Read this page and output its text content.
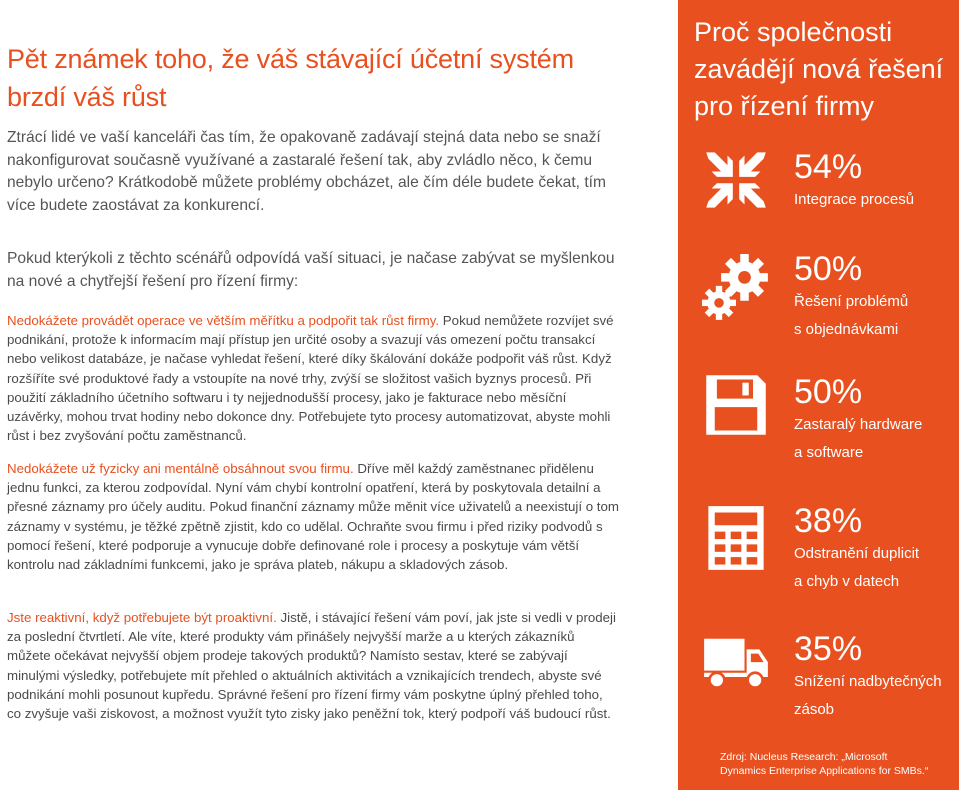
Pět známek toho, že váš stávající účetní systém brzdí váš růst

Ztrácí lidé ve vaší kanceláři čas tím, že opakovaně zadávají stejná data nebo se snaží nakonfigurovat současně využívané a zastaralé řešení tak, aby zvládlo něco, k čemu nebylo určeno? Krátkodobě můžete problémy obcházet, ale čím déle budete čekat, tím více budete zaostávat za konkurencí.

Pokud kterýkoli z těchto scénářů odpovídá vaší situaci, je načase zabývat se myšlenkou na nové a chytřejší řešení pro řízení firmy:

Nedokážete provádět operace ve větším měřítku a podpořit tak růst firmy. Pokud nemůžete rozvíjet své podnikání, protože k informacím mají přístup jen určité osoby a svazují vás omezení počtu transakcí nebo velikost databáze, je načase vyhledat řešení, které díky škálování dokáže podpořit váš růst. Když rozšíříte své produktové řady a vstoupíte na nové trhy, zvýší se složitost vašich byznys procesů. Při použití základního účetního softwaru i ty nejjednodušší procesy, jako je fakturace nebo měsíční uzávěrky, mohou trvat hodiny nebo dokonce dny. Potřebujete tyto procesy automatizovat, abyste mohli růst i bez zvyšování počtu zaměstnanců.

Nedokážete už fyzicky ani mentálně obsáhnout svou firmu. Dříve měl každý zaměstnanec přidělenu jednu funkci, za kterou zodpovídal. Nyní vám chybí kontrolní opatření, která by poskytovala detailní a přesné záznamy pro účely auditu. Pokud finanční záznamy může měnit více uživatelů a neexistují o tom záznamy v systému, je těžké zpětně zjistit, kdo co udělal. Ochraňte svou firmu i před riziky podvodů s pomocí řešení, které podporuje a vynucuje dobře definované role i procesy a poskytuje vám větší kontrolu nad základními funkcemi, jako je správa plateb, nákupu a skladových zásob.

Jste reaktivní, když potřebujete být proaktivní. Jistě, i stávající řešení vám poví, jak jste si vedli v prodeji za poslední čtvrtletí. Ale víte, které produkty vám přinášely nejvyšší marže a u kterých zákazníků můžete očekávat nejvyšší objem prodeje takových produktů? Namísto sestav, které se zabývají minulými výsledky, potřebujete mít přehled o aktuálních aktivitách a vznikajících trendech, abyste své podnikání mohli posunout kupředu. Správné řešení pro řízení firmy vám poskytne úplný přehled toho, co zvyšuje vaši ziskovost, a možnost využít tyto zisky jako peněžní tok, který podpoří váš budoucí růst.

Proč společnosti zavádějí nová řešení pro řízení firmy

54%

Integrace procesů

50%

Řešení problémů

s objednávkami

50%

Zastaralý hardware

a software

38%

Odstranění duplicit

a chyb v datech

35%

Snížení nadbytečných

zásob

Zdroj: Nucleus Research: „Microsoft
Dynamics Enterprise Applications for SMBs.“
